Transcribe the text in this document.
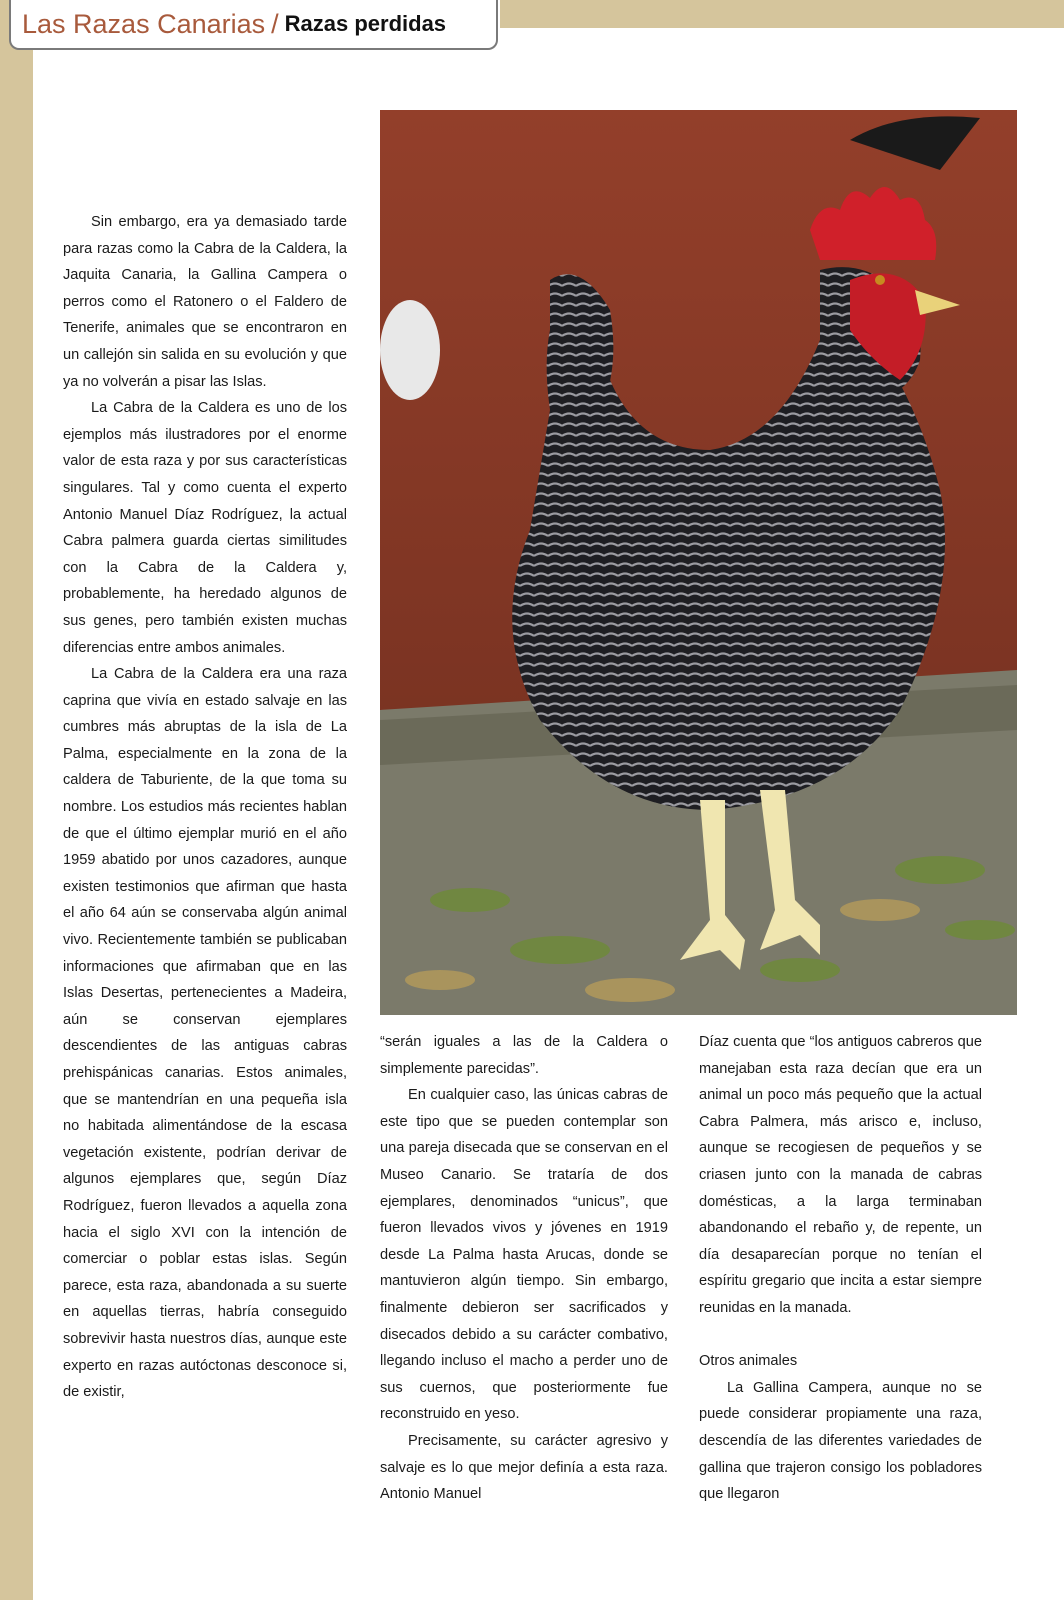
Las Razas Canarias / Razas perdidas

Sin embargo, era ya demasiado tarde para razas como la Cabra de la Caldera, la Jaquita Canaria, la Gallina Campera o perros como el Ratonero o el Faldero de Tenerife, animales que se encontraron en un callejón sin salida en su evolución y que ya no volverán a pisar las Islas.

La Cabra de la Caldera es uno de los ejemplos más ilustradores por el enorme valor de esta raza y por sus características singulares. Tal y como cuenta el experto Antonio Manuel Díaz Rodríguez, la actual Cabra palmera guarda ciertas similitudes con la Cabra de la Caldera y, probablemente, ha heredado algunos de sus genes, pero también existen muchas diferencias entre ambos animales.

La Cabra de la Caldera era una raza caprina que vivía en estado salvaje en las cumbres más abruptas de la isla de La Palma, especialmente en la zona de la caldera de Taburiente, de la que toma su nombre. Los estudios más recientes hablan de que el último ejemplar murió en el año 1959 abatido por unos cazadores, aunque existen testimonios que afirman que hasta el año 64 aún se conservaba algún animal vivo. Recientemente también se publicaban informaciones que afirmaban que en las Islas Desertas, pertenecientes a Madeira, aún se conservan ejemplares descendientes de las antiguas cabras prehispánicas canarias. Estos animales, que se mantendrían en una pequeña isla no habitada alimentándose de la escasa vegetación existente, podrían derivar de algunos ejemplares que, según Díaz Rodríguez, fueron llevados a aquella zona hacia el siglo XVI con la intención de comerciar o poblar estas islas. Según parece, esta raza, abandonada a su suerte en aquellas tierras, habría conseguido sobrevivir hasta nuestros días, aunque este experto en razas autóctonas desconoce si, de existir,

“serán iguales a las de la Caldera o simplemente parecidas”.

En cualquier caso, las únicas cabras de este tipo que se pueden contemplar son una pareja disecada que se conservan en el Museo Canario. Se trataría de dos ejemplares, denominados “unicus”, que fueron llevados vivos y jóvenes en 1919 desde La Palma hasta Arucas, donde se mantuvieron algún tiempo. Sin embargo, finalmente debieron ser sacrificados y disecados debido a su carácter combativo, llegando incluso el macho a perder uno de sus cuernos, que posteriormente fue reconstruido en yeso.

Precisamente, su carácter agresivo y salvaje es lo que mejor definía a esta raza. Antonio Manuel

Díaz cuenta que “los antiguos cabreros que manejaban esta raza decían que era un animal un poco más pequeño que la actual Cabra Palmera, más arisco e, incluso, aunque se recogiesen de pequeños y se criasen junto con la manada de cabras domésticas, a la larga terminaban abandonando el rebaño y, de repente, un día desaparecían porque no tenían el espíritu gregario que incita a estar siempre reunidas en la manada.

Otros animales

La Gallina Campera, aunque no se puede considerar propiamente una raza, descendía de las diferentes variedades de gallina que trajeron consigo los pobladores que llegaron
